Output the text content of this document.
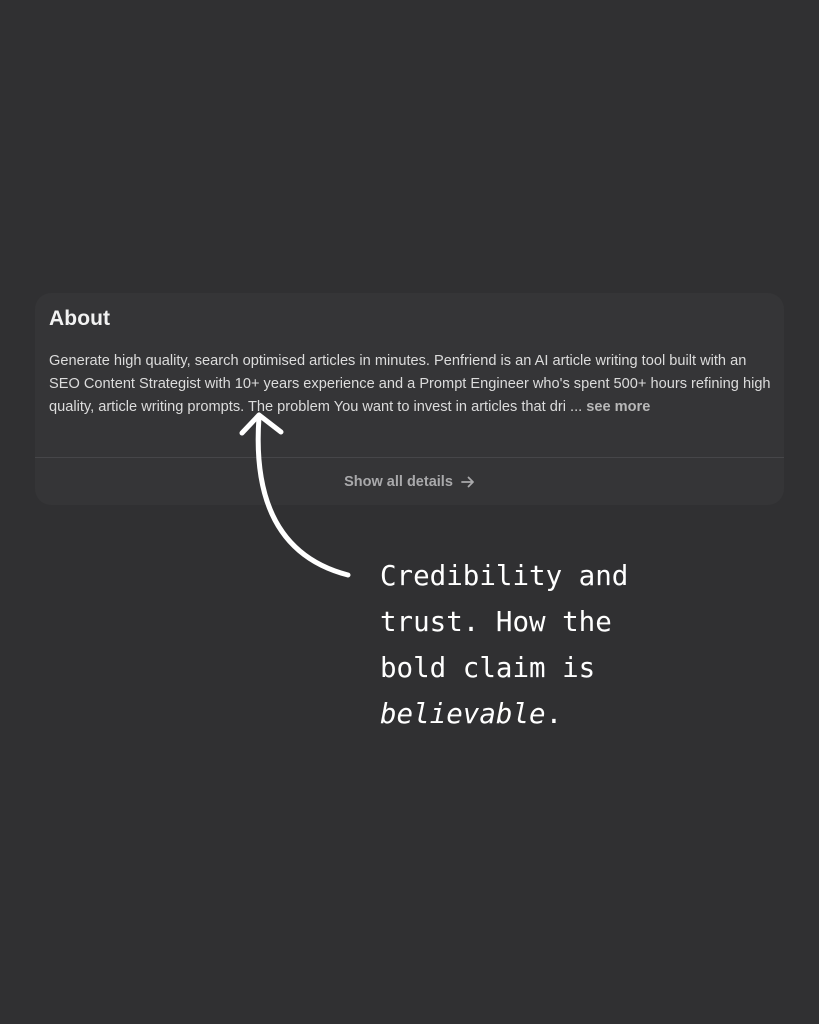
About

Generate high quality, search optimised articles in minutes. Penfriend is an AI article writing tool built with an SEO Content Strategist with 10+ years experience and a Prompt Engineer who's spent 500+ hours refining high quality, article writing prompts. The problem You want to invest in articles that dri ... see more

Show all details
Credibility and
trust. How the
bold claim is
believable.
